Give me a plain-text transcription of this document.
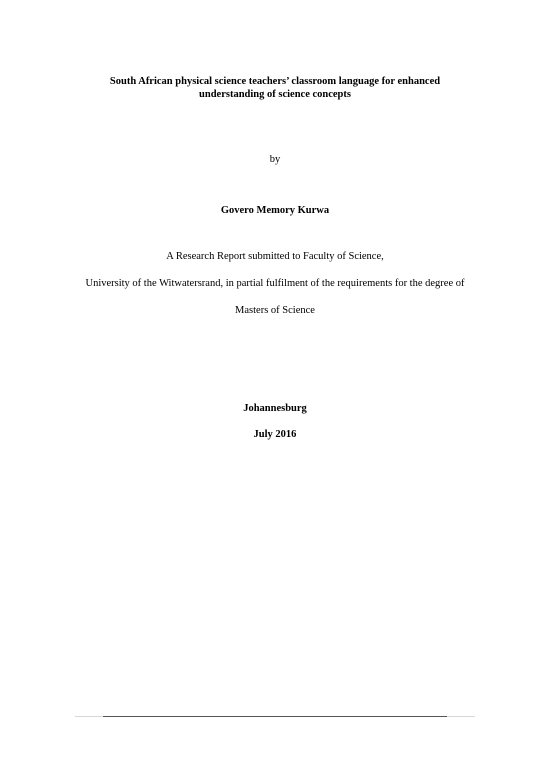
South African physical science teachers’ classroom language for enhanced
understanding of science concepts
by
Govero Memory Kurwa
A Research Report submitted to Faculty of Science,
University of the Witwatersrand, in partial fulfilment of the requirements for the degree of
Masters of Science
Johannesburg
July 2016
